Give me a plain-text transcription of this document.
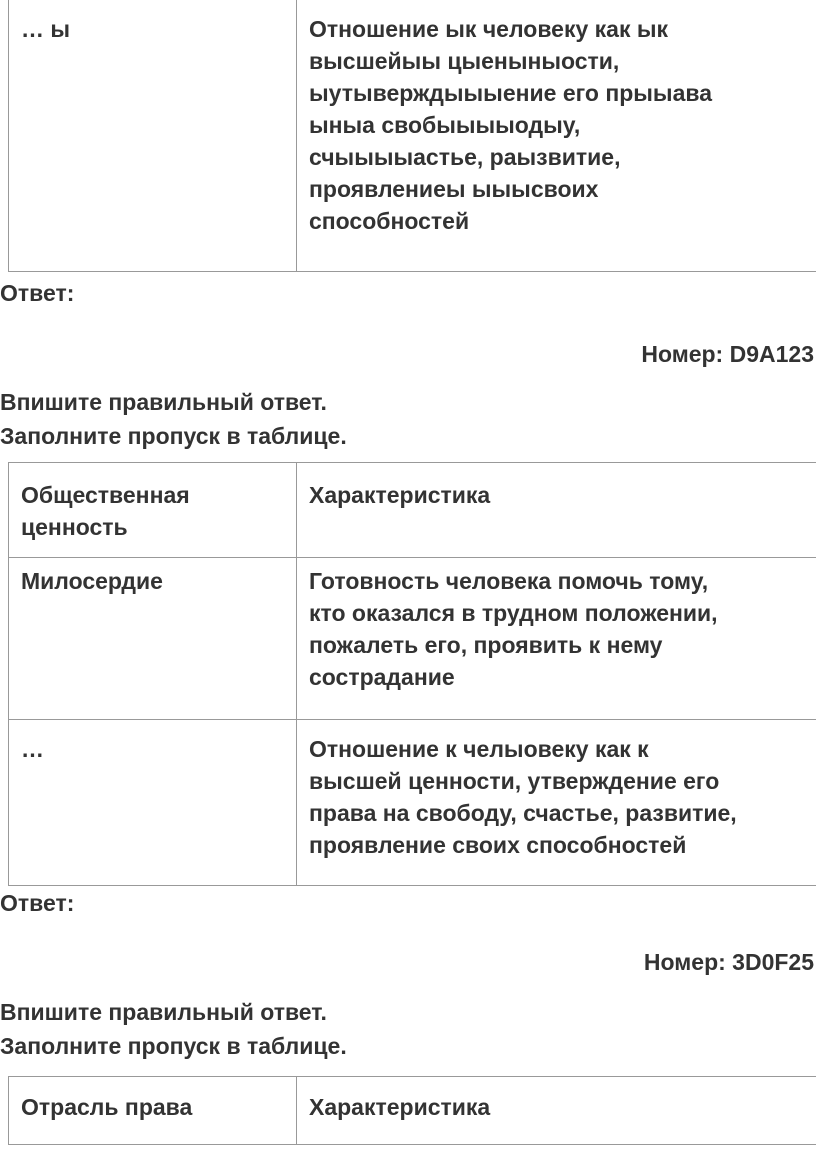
… ы	Отношение ык человеку как ык
высшейыы цыеныныости,
ыутыверждыыыение его прыыава
ыныа свобыыыыодыу,
счыыыыастье, раызвитие,
проявлениеы ыыысвоих
способностей
Ответ:
Номер: D9A123
Впишите правильный ответ.
Заполните пропуск в таблице.
Общественная
ценность	Характеристика

Милосердие	Готовность человека помочь тому,
кто оказался в трудном положении,
пожалеть его, проявить к нему
сострадание

…	Отношение к челыовеку как к
высшей ценности, утверждение его
права на свободу, счастье, развитие,
проявление своих способностей
Ответ:
Номер: 3D0F25
Впишите правильный ответ.
Заполните пропуск в таблице.
Отрасль права	Характеристика
